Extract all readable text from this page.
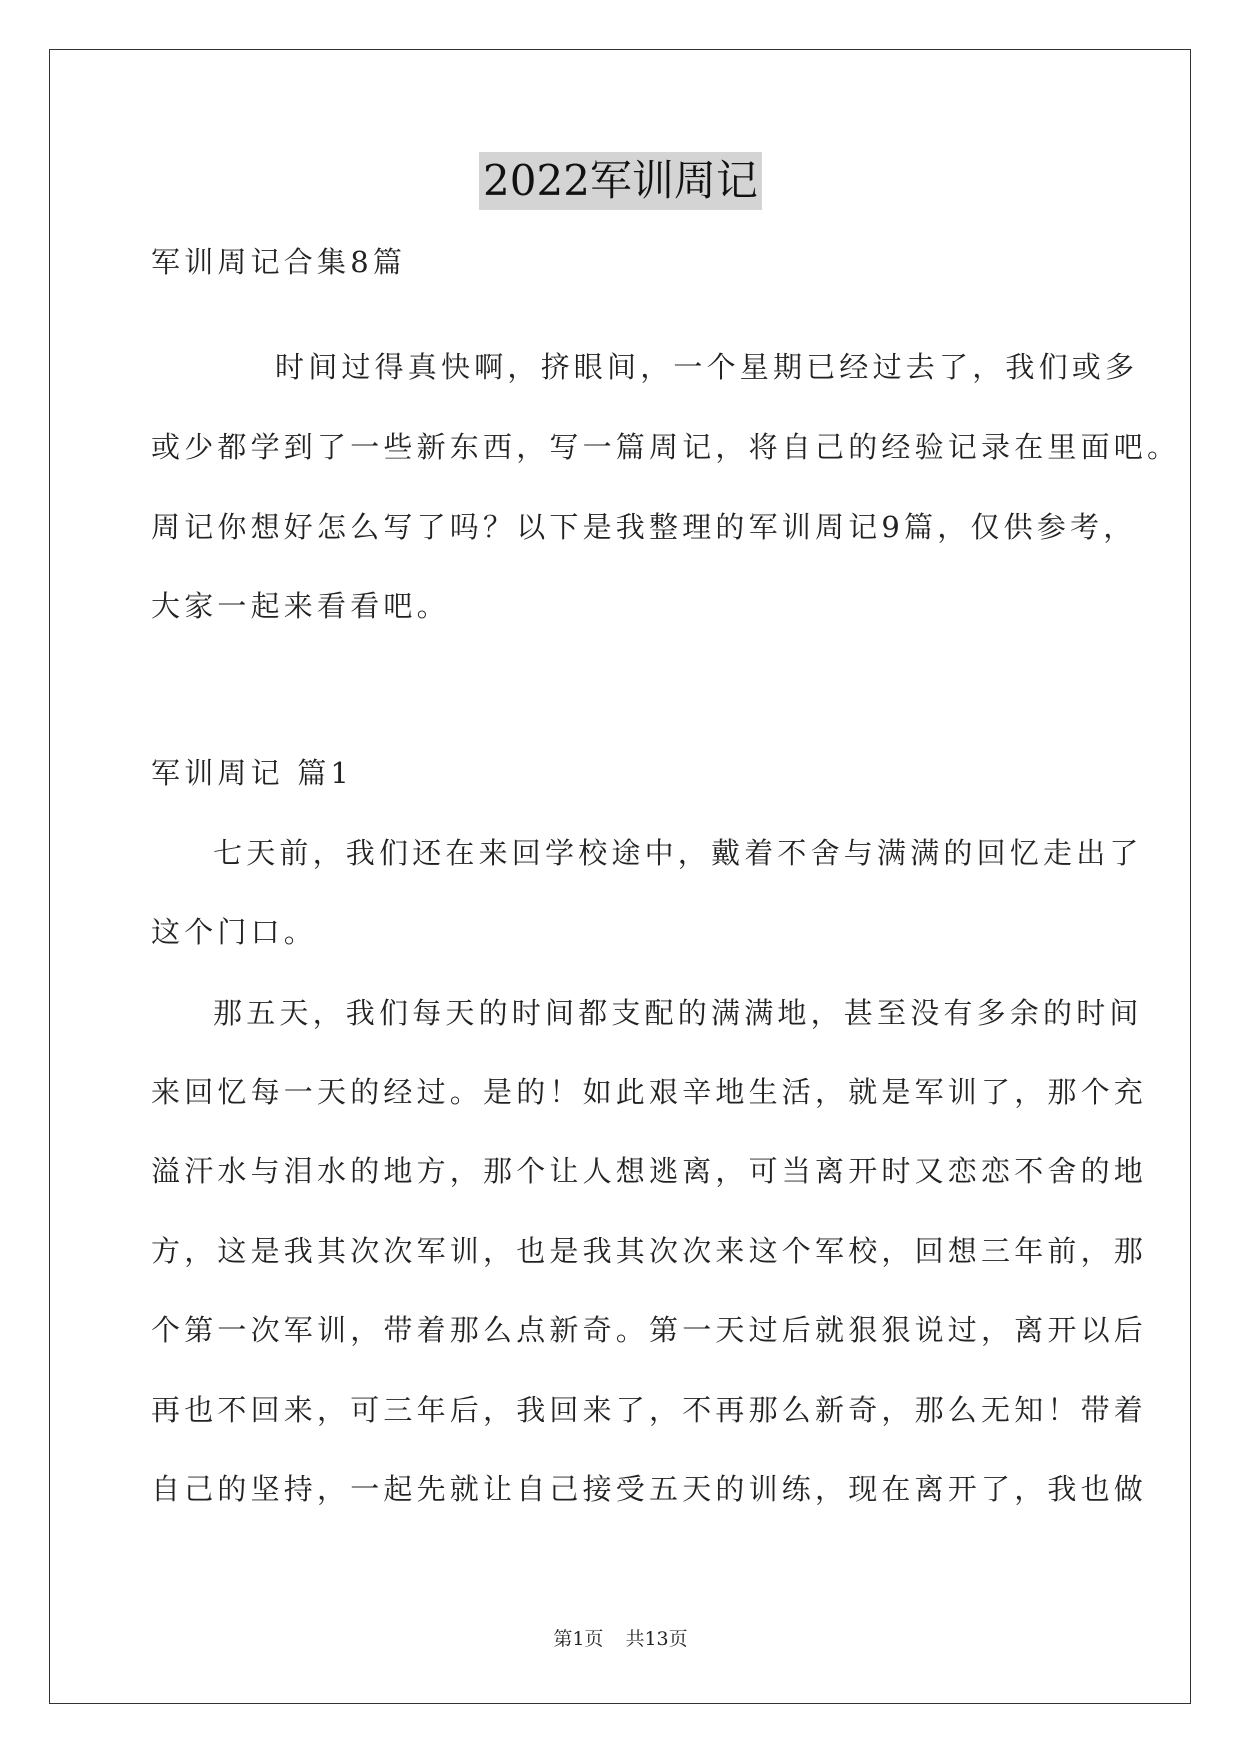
2022军训周记
军训周记合集8篇
时间过得真快啊，挤眼间，一个星期已经过去了，我们或多
或少都学到了一些新东西，写一篇周记，将自己的经验记录在里面吧。
周记你想好怎么写了吗？以下是我整理的军训周记9篇，仅供参考，
大家一起来看看吧。
军训周记 篇1
七天前，我们还在来回学校途中，戴着不舍与满满的回忆走出了
这个门口。
那五天，我们每天的时间都支配的满满地，甚至没有多余的时间
来回忆每一天的经过。是的！如此艰辛地生活，就是军训了，那个充
溢汗水与泪水的地方，那个让人想逃离，可当离开时又恋恋不舍的地
方，这是我其次次军训，也是我其次次来这个军校，回想三年前，那
个第一次军训，带着那么点新奇。第一天过后就狠狠说过，离开以后
再也不回来，可三年后，我回来了，不再那么新奇，那么无知！带着
自己的坚持，一起先就让自己接受五天的训练，现在离开了，我也做
第1页 共13页
